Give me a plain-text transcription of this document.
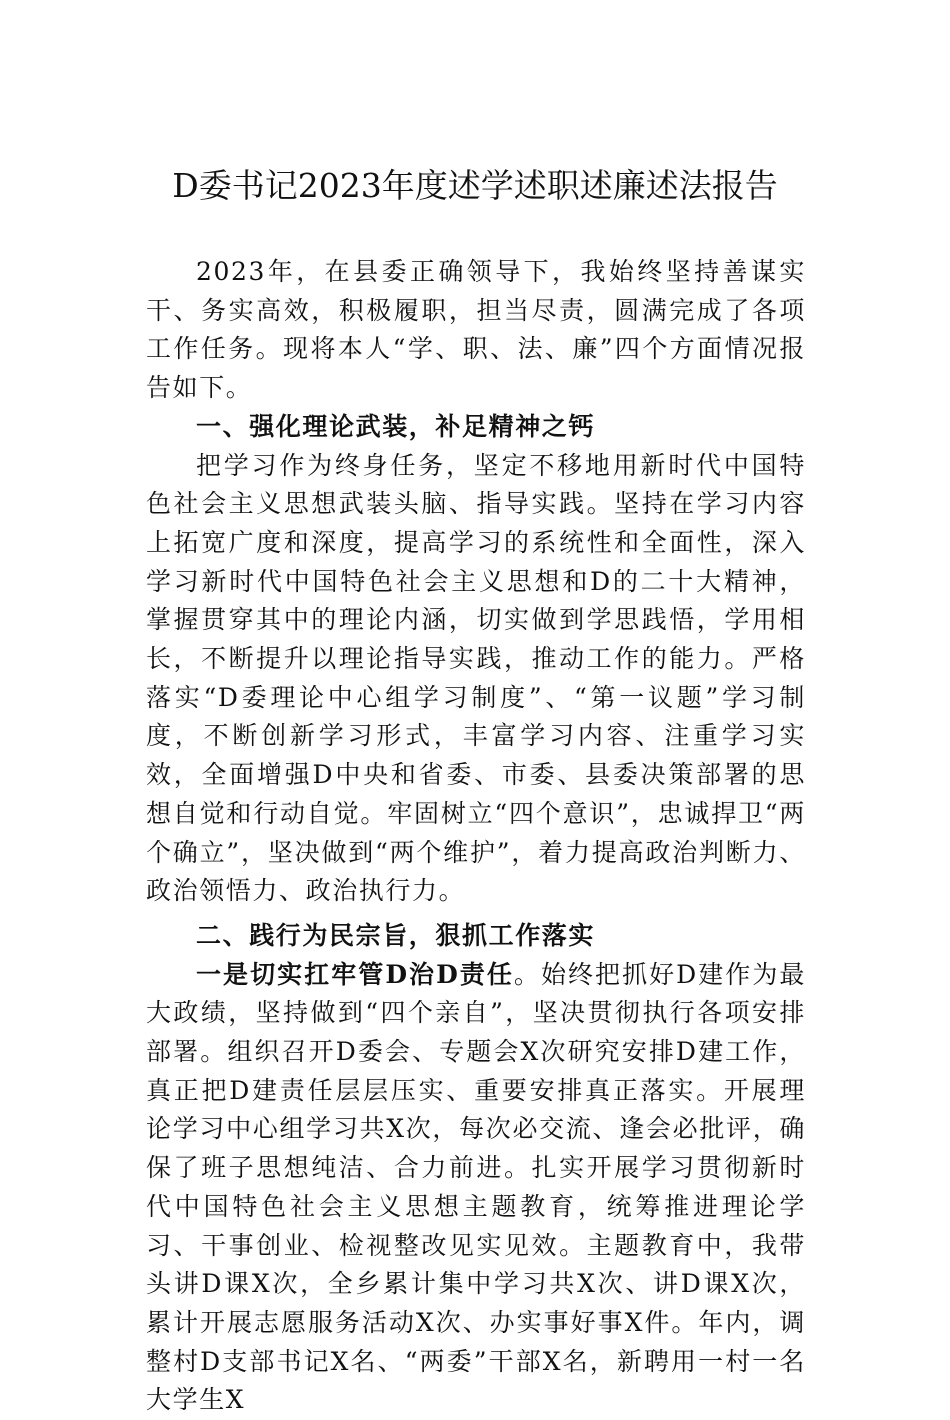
D委书记2023年度述学述职述廉述法报告

2023年，在县委正确领导下，我始终坚持善谋实干、务实高效，积极履职，担当尽责，圆满完成了各项工作任务。现将本人“学、职、法、廉”四个方面情况报告如下。

一、强化理论武装，补足精神之钙

把学习作为终身任务，坚定不移地用新时代中国特色社会主义思想武装头脑、指导实践。坚持在学习内容上拓宽广度和深度，提高学习的系统性和全面性，深入学习新时代中国特色社会主义思想和D的二十大精神，掌握贯穿其中的理论内涵，切实做到学思践悟，学用相长，不断提升以理论指导实践，推动工作的能力。严格落实“D委理论中心组学习制度”、“第一议题”学习制度，不断创新学习形式，丰富学习内容、注重学习实效，全面增强D中央和省委、市委、县委决策部署的思想自觉和行动自觉。牢固树立“四个意识”，忠诚捍卫“两个确立”，坚决做到“两个维护”，着力提高政治判断力、政治领悟力、政治执行力。

二、践行为民宗旨，狠抓工作落实

一是切实扛牢管D治D责任。始终把抓好D建作为最大政绩，坚持做到“四个亲自”，坚决贯彻执行各项安排部署。组织召开D委会、专题会X次研究安排D建工作，真正把D建责任层层压实、重要安排真正落实。开展理论学习中心组学习共X次，每次必交流、逢会必批评，确保了班子思想纯洁、合力前进。扎实开展学习贯彻新时代中国特色社会主义思想主题教育，统筹推进理论学习、干事创业、检视整改见实见效。主题教育中，我带头讲D课X次，全乡累计集中学习共X次、讲D课X次，累计开展志愿服务活动X次、办实事好事X件。年内，调整村D支部书记X名、“两委”干部X名，新聘用一村一名大学生X
